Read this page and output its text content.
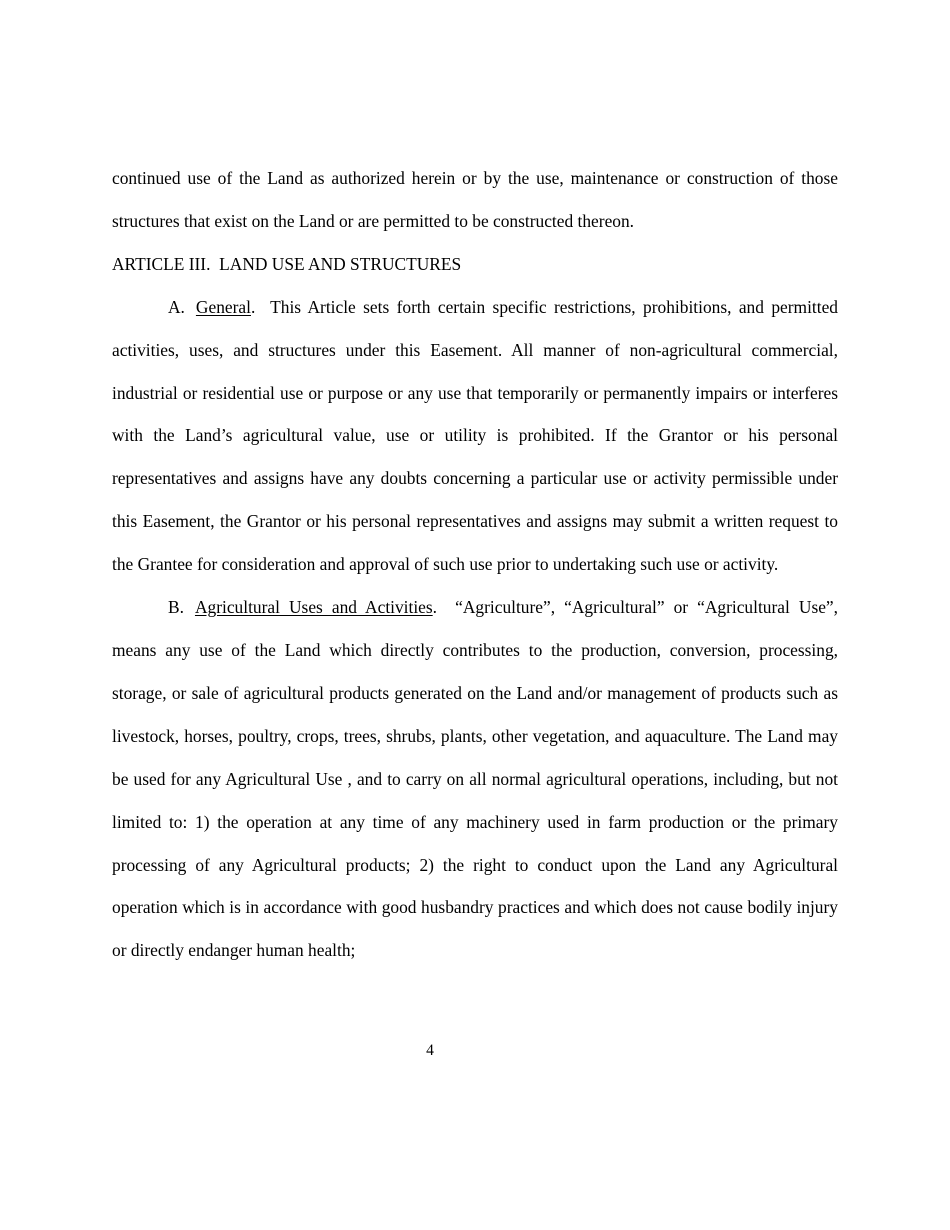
continued use of the Land as authorized herein or by the use, maintenance or construction of those structures that exist on the Land or are permitted to be constructed thereon.

ARTICLE III.  LAND USE AND STRUCTURES

A. General. This Article sets forth certain specific restrictions, prohibitions, and permitted activities, uses, and structures under this Easement. All manner of non-agricultural commercial, industrial or residential use or purpose or any use that temporarily or permanently impairs or interferes with the Land’s agricultural value, use or utility is prohibited. If the Grantor or his personal representatives and assigns have any doubts concerning a particular use or activity permissible under this Easement, the Grantor or his personal representatives and assigns may submit a written request to the Grantee for consideration and approval of such use prior to undertaking such use or activity.

B. Agricultural Uses and Activities. “Agriculture”, “Agricultural” or “Agricultural Use”, means any use of the Land which directly contributes to the production, conversion, processing, storage, or sale of agricultural products generated on the Land and/or management of products such as livestock, horses, poultry, crops, trees, shrubs, plants, other vegetation, and aquaculture. The Land may be used for any Agricultural Use , and to carry on all normal agricultural operations, including, but not limited to: 1) the operation at any time of any machinery used in farm production or the primary processing of any Agricultural products; 2) the right to conduct upon the Land any Agricultural operation which is in accordance with good husbandry practices and which does not cause bodily injury or directly endanger human health;

4
